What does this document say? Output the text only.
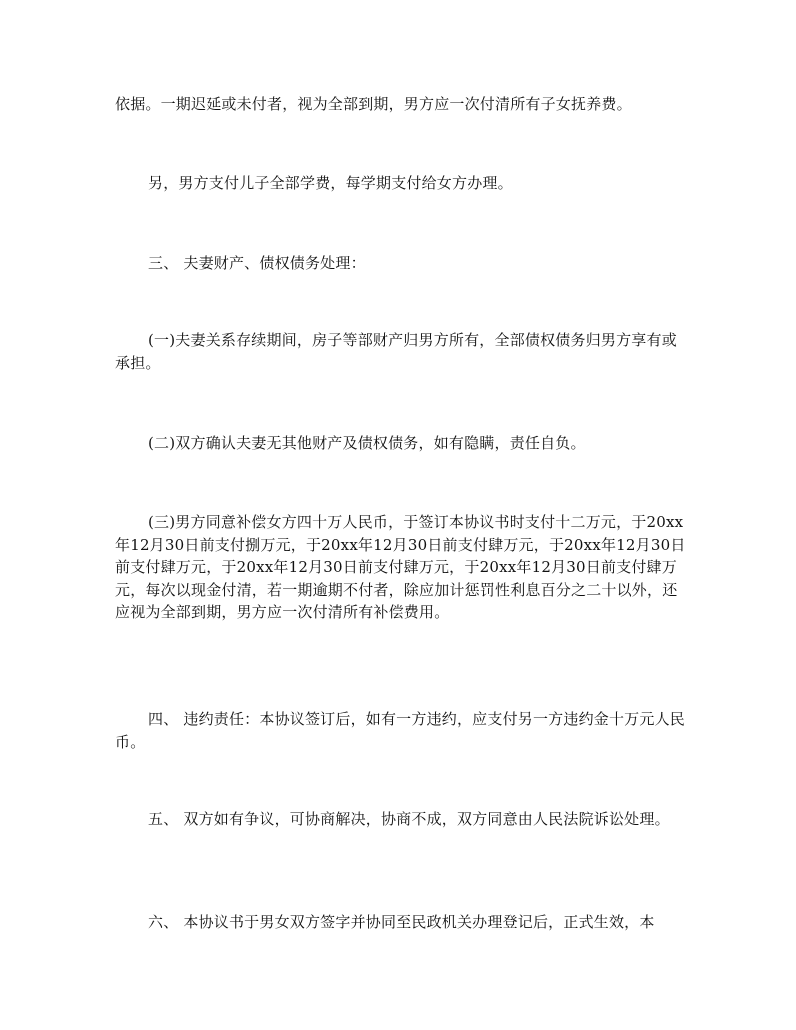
依据。一期迟延或未付者，视为全部到期，男方应一次付清所有子女抚养费。

另，男方支付儿子全部学费，每学期支付给女方办理。

三、 夫妻财产、债权债务处理：

(一)夫妻关系存续期间，房子等部财产归男方所有，全部债权债务归男方享有或承担。

(二)双方确认夫妻无其他财产及债权债务，如有隐瞒，责任自负。

(三)男方同意补偿女方四十万人民币，于签订本协议书时支付十二万元，于20xx年12月30日前支付捌万元，于20xx年12月30日前支付肆万元，于20xx年12月30日前支付肆万元，于20xx年12月30日前支付肆万元，于20xx年12月30日前支付肆万元，每次以现金付清，若一期逾期不付者，除应加计惩罚性利息百分之二十以外，还应视为全部到期，男方应一次付清所有补偿费用。

四、 违约责任：本协议签订后，如有一方违约，应支付另一方违约金十万元人民币。

五、 双方如有争议，可协商解决，协商不成，双方同意由人民法院诉讼处理。

六、 本协议书于男女双方签字并协同至民政机关办理登记后，正式生效，本
